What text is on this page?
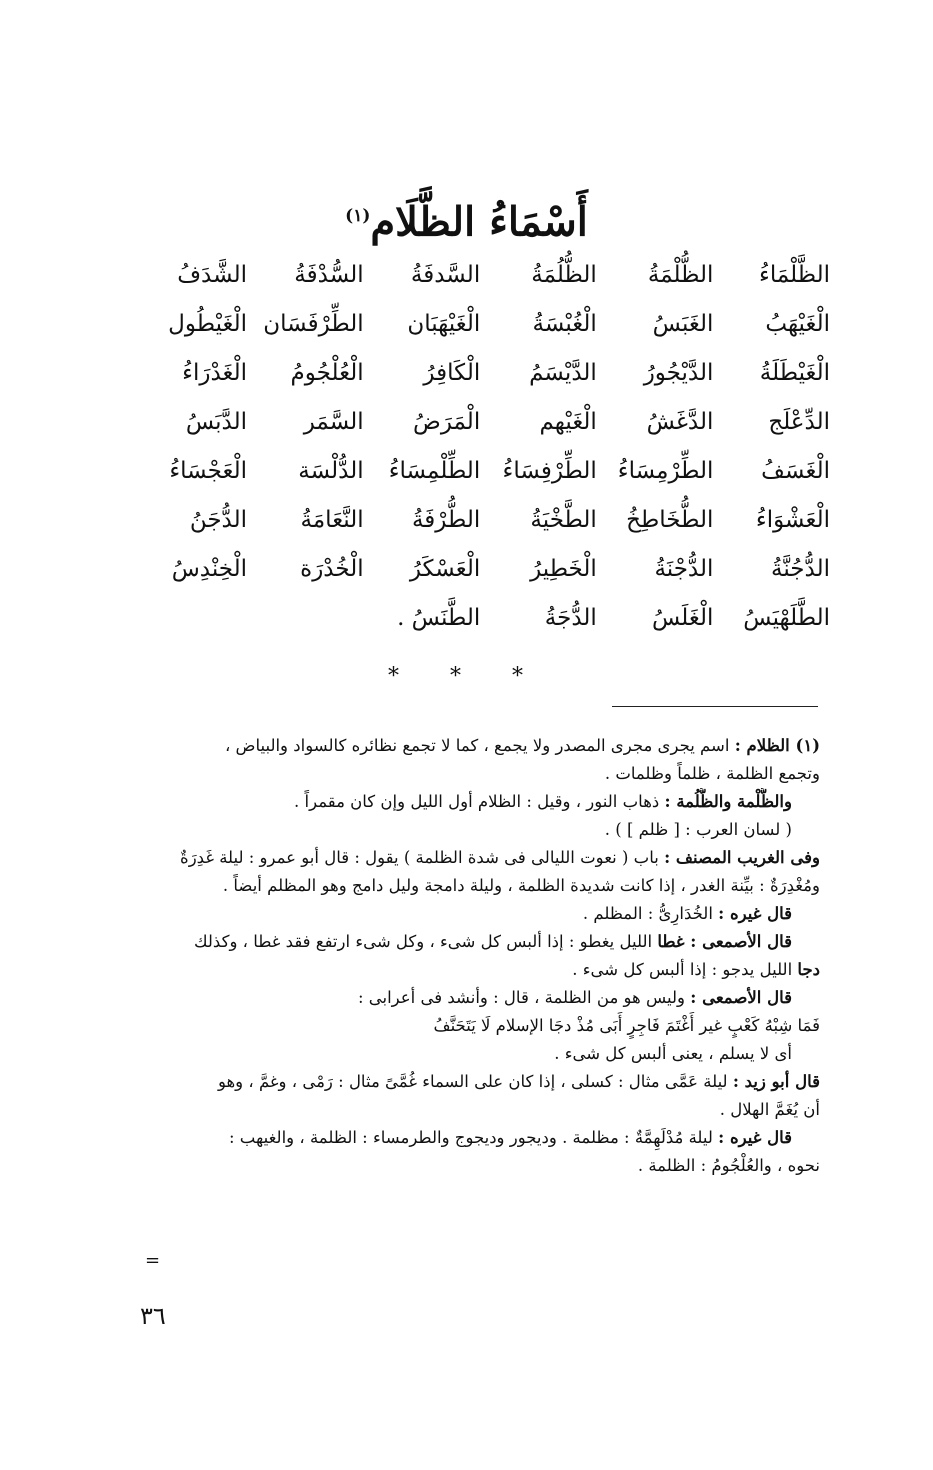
أَسْمَاءُ الظَّلَام$^{(١)}$
الظَّلْمَاءُ
الظُّلْمَةُ
الظُّلُمَةُ
السَّدفَةُ
السُّدْفَةُ
الشَّدَفُ
الْغَيْهَبُ
الغَبَسُ
الْغُبْسَةُ
الْغَيْهَبَان
الطِّرْفَسَان
الْغَيْطُول
الْغَيْطَلَةُ
الدَّيْجُورُ
الدَّيْسَمُ
الْكَافِرُ
الْعُلْجُومُ
الْغَدْرَاءُ
الدِّعْلَج
الدَّغَشُ
الْغَيْهم
الْمَرَضُ
السَّمَر
الدَّبَسُ
الْغَسَفُ
الطِّرْمِسَاءُ
الطِّرْفِسَاءُ
الطِّلْمِسَاءُ
الدُّلْسَة
الْعَجْسَاءُ
الْعَشْوَاءُ
الطُّخَاطِخُ
الطَّخْيَةُ
الطُّرْفَةُ
النَّعَامَةُ
الدُّجَنُ
الدُّجُنَّةُ
الدُّجْنَةُ
الْخَطِيرُ
الْعَسْكَرُ
الْخُدْرَة
الْخِنْدِسُ
الطَّلَهْيَسُ
الْغَلَسُ
الدُّجَةُ
الطَّنَسُ .
* * *

(١) الظلام : اسم يجرى مجرى المصدر ولا يجمع ، كما لا تجمع نظائره كالسواد والبياض ،

وتجمع الظلمة ، ظلماً وظلمات .

والظُّلْمة والظُّلُمة : ذهاب النور ، وقيل : الظلام أول الليل وإن كان مقمراً .

( لسان العرب : [ ظلم ] ) .

وفى الغريب المصنف : باب ( نعوت الليالى فى شدة الظلمة ) يقول : قال أبو عمرو : ليلة غَدِرَةٌ

ومُغْدِرَةٌ : بيِّنة الغدر ، إذا كانت شديدة الظلمة ، وليلة دامجة وليل دامج وهو المظلم أيضاً .

قال غيره : الخُدَارِىُّ : المظلم .

قال الأصمعى : غطا الليل يغطو : إذا ألبس كل شىء ، وكل شىء ارتفع فقد غطا ، وكذلك

دجا الليل يدجو : إذا ألبس كل شىء .

قال الأصمعى : وليس هو من الظلمة ، قال : وأنشد فى أعرابى :

فَمَا شِبْهُ كَعْبٍ غير أَغْتَمَ فَاجِرٍ أَبَى مُذْ دجَا الإسلام لَا يَتَحَنَّفُ

أى لا يسلم ، يعنى ألبس كل شىء .

قال أبو زيد : ليلة عَمَّى مثال : كسلى ، إذا كان على السماء غُمَّىً مثال : رَمْى ، وغمَّ ، وهو

أن يُغَمَّ الهلال .

قال غيره : ليلة مُدْلَهِمَّةٌ : مظلمة . وديجور وديجوج والطرمساء : الظلمة ، والغيهب :

نحوه ، والعُلْجُومُ : الظلمة .

=
٣٦
